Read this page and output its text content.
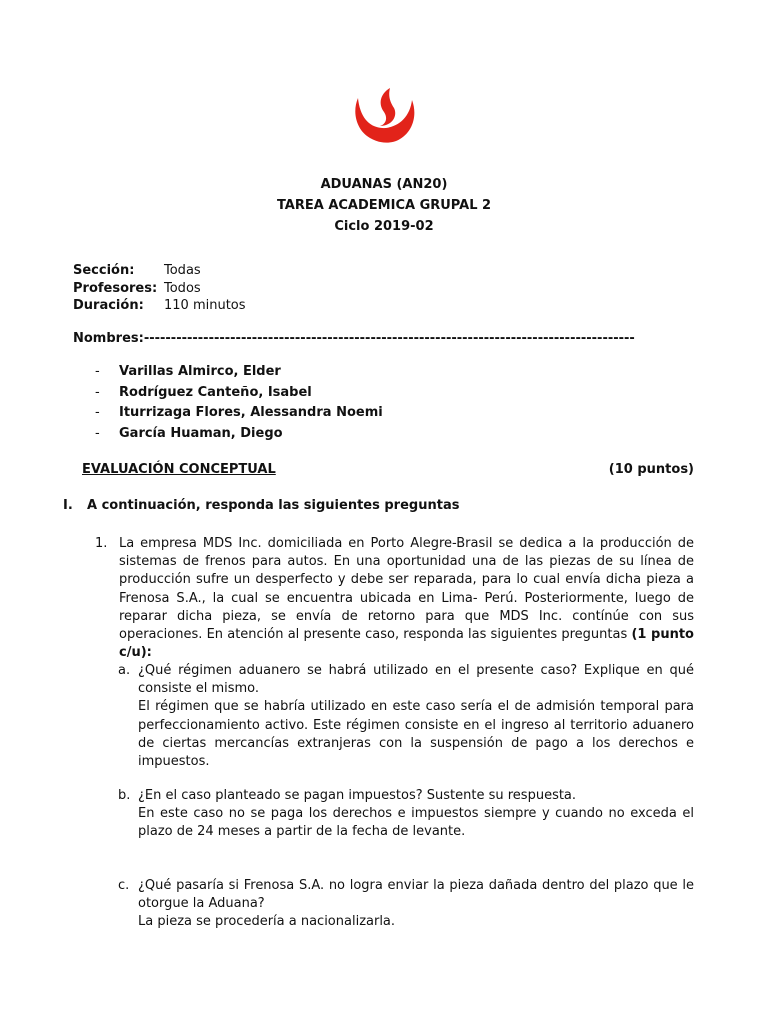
ADUANAS (AN20)
TAREA ACADEMICA GRUPAL 2
Ciclo 2019-02
Sección: Todas
Profesores: Todos
Duración: 110 minutos
Nombres:-------------------------------------------------------------------------------------------
- Varillas Almirco, Elder
- Rodríguez Canteño, Isabel
- Iturrizaga Flores, Alessandra Noemi
- García Huaman, Diego
EVALUACIÓN CONCEPTUAL	(10 puntos)
I. A continuación, responda las siguientes preguntas
1. La empresa MDS Inc. domiciliada en Porto Alegre-Brasil se dedica a la producción de sistemas de frenos para autos. En una oportunidad una de las piezas de su línea de producción sufre un desperfecto y debe ser reparada, para lo cual envía dicha pieza a Frenosa S.A., la cual se encuentra ubicada en Lima- Perú. Posteriormente, luego de reparar dicha pieza, se envía de retorno para que MDS Inc. contínúe con sus operaciones. En atención al presente caso, responda las siguientes preguntas (1 punto c/u):
a. ¿Qué régimen aduanero se habrá utilizado en el presente caso? Explique en qué consiste el mismo.
El régimen que se habría utilizado en este caso sería el de admisión temporal para perfeccionamiento activo. Este régimen consiste en el ingreso al territorio aduanero de ciertas mercancías extranjeras con la suspensión de pago a los derechos e impuestos.
b. ¿En el caso planteado se pagan impuestos? Sustente su respuesta.
En este caso no se paga los derechos e impuestos siempre y cuando no exceda el plazo de 24 meses a partir de la fecha de levante.
c. ¿Qué pasaría si Frenosa S.A. no logra enviar la pieza dañada dentro del plazo que le otorgue la Aduana?
La pieza se procedería a nacionalizarla.
